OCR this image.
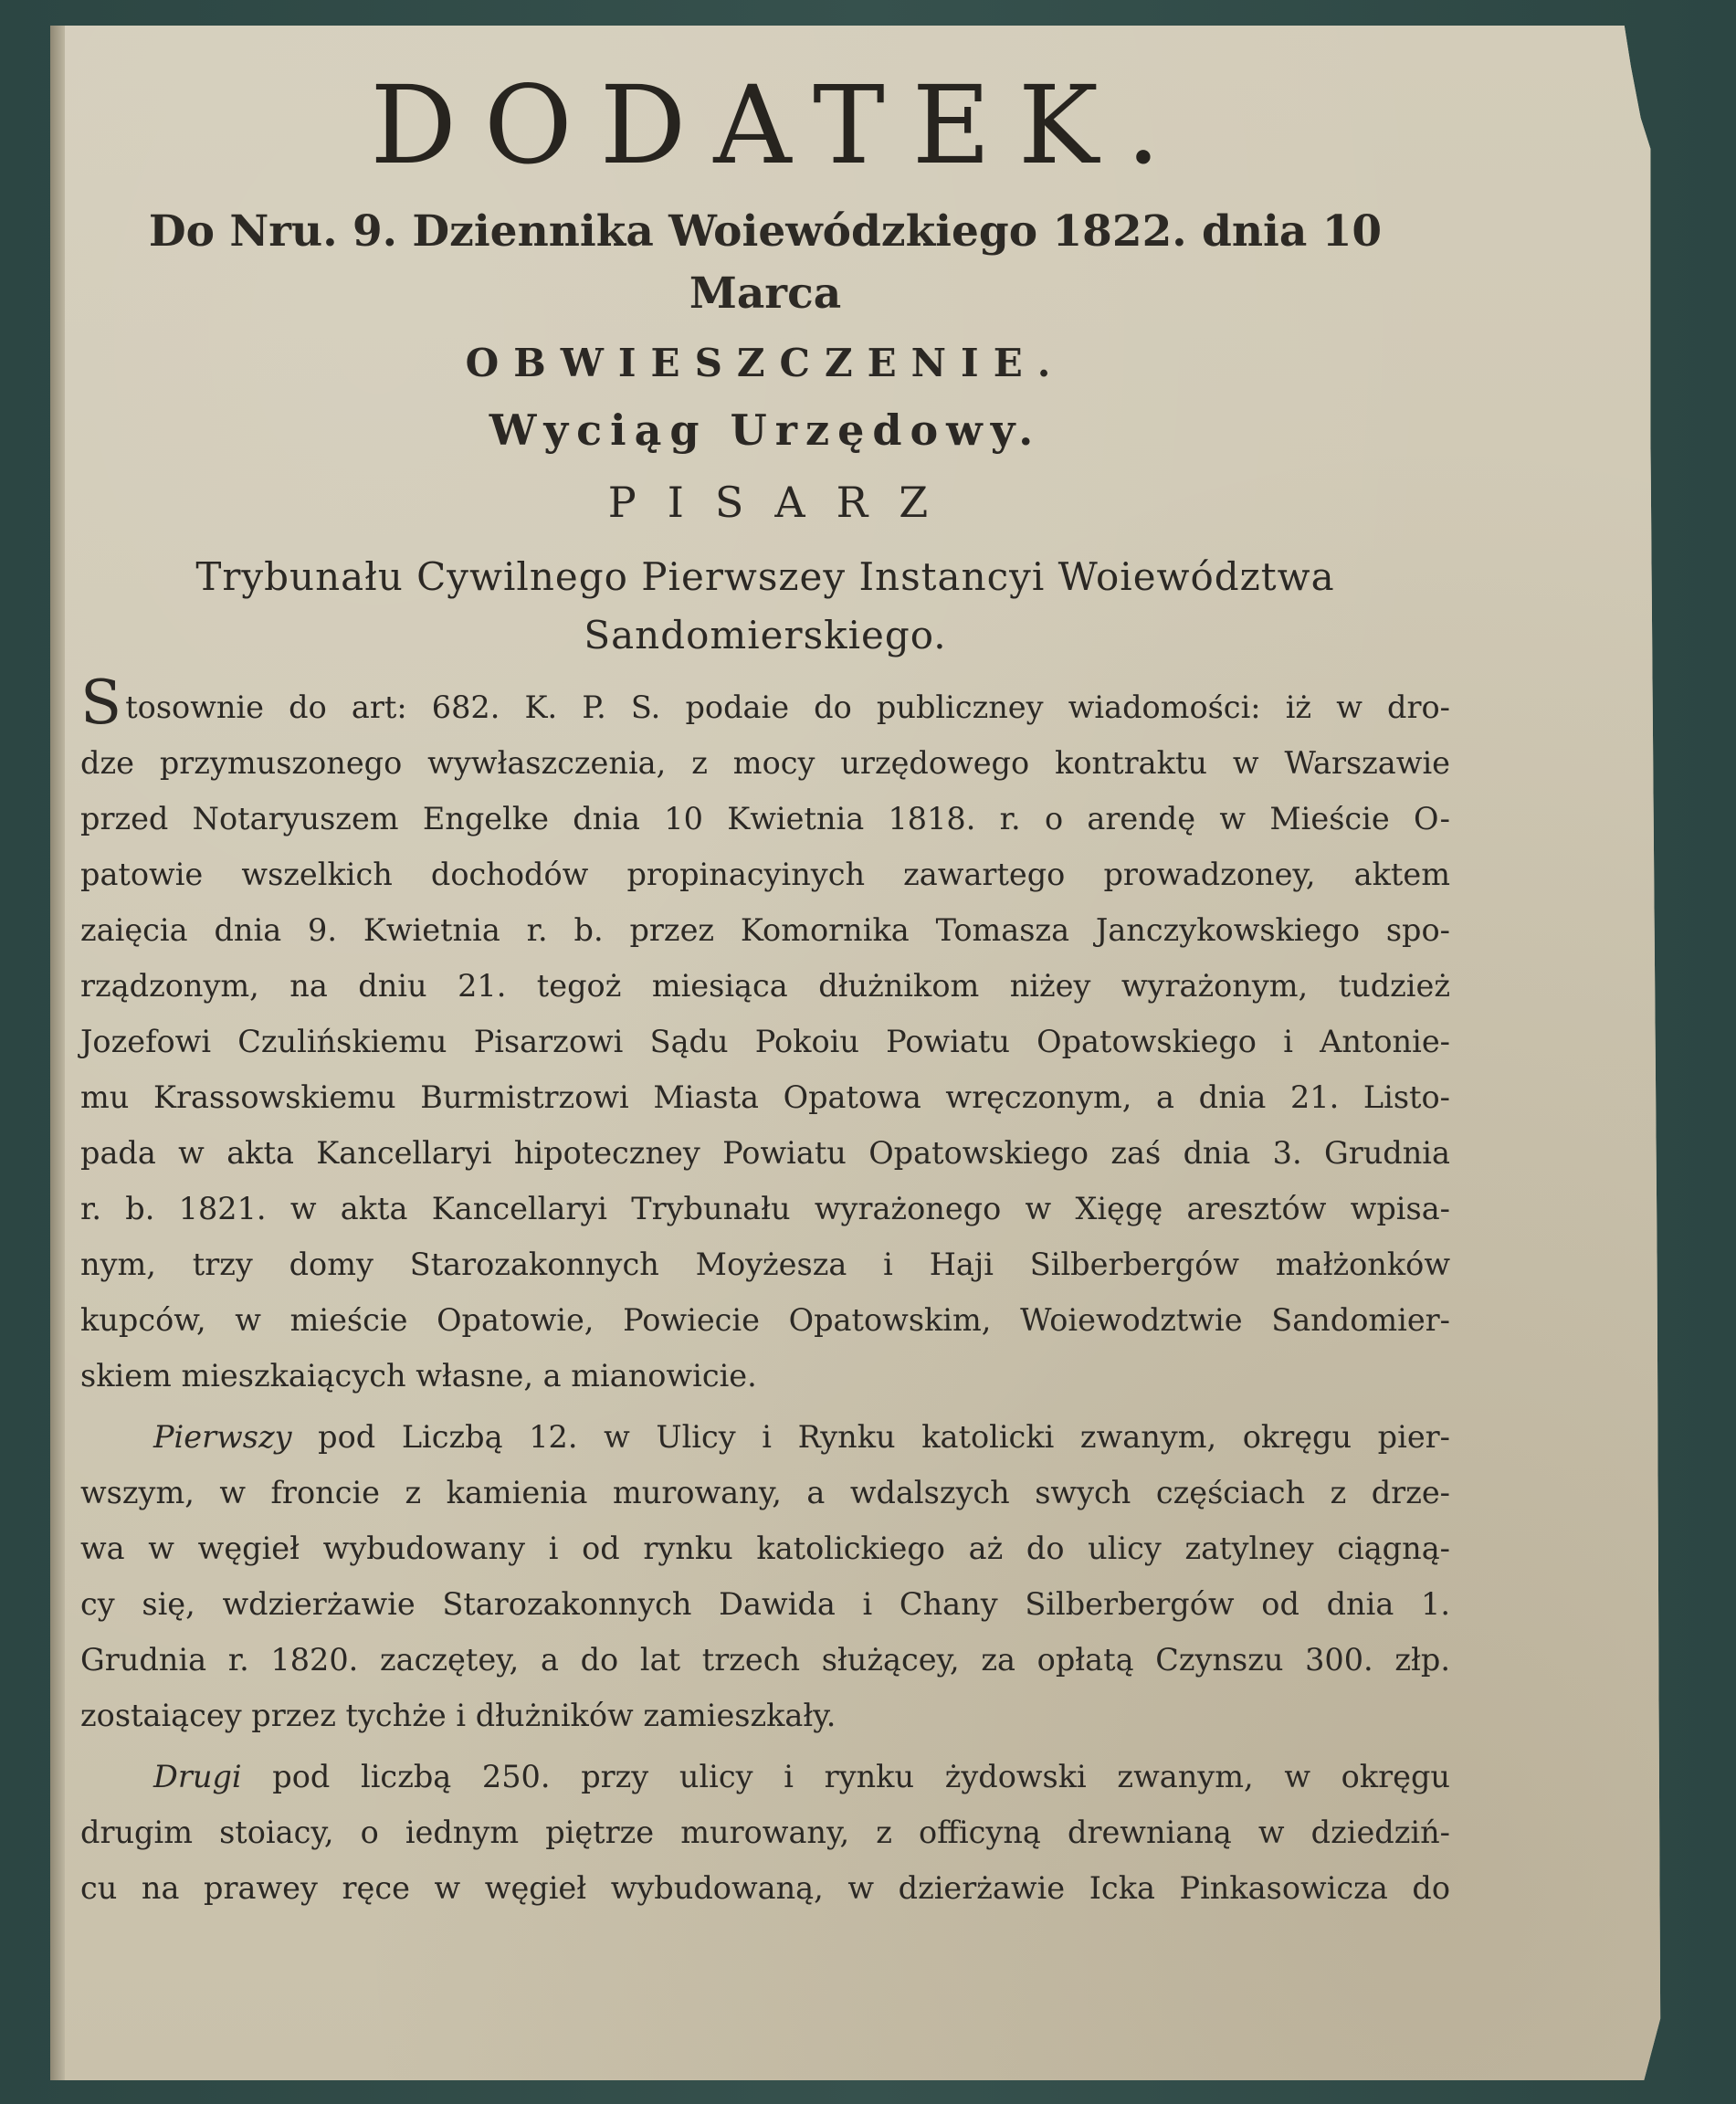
DODATEK.
Do Nru. 9. Dziennika Woiewódzkiego 1822. dnia 10 Marca
OBWIESZCZENIE.
Wyciąg Urzędowy.
PISARZ
Trybunału Cywilnego Pierwszey Instancyi Woiewództwa
Sandomierskiego.
S tosownie do art: 682. K. P. S. podaie do publiczney wiadomości: iż w dro-
dze przymuszonego wywłaszczenia, z mocy urzędowego kontraktu w Warszawie
przed Notaryuszem Engelke dnia 10 Kwietnia 1818. r. o arendę w Mieście O-
patowie wszelkich dochodów propinacyinych zawartego prowadzoney, aktem
zaięcia dnia 9. Kwietnia r. b. przez Komornika Tomasza Janczykowskiego spo-
rządzonym, na dniu 21. tegoż miesiąca dłużnikom niżey wyrażonym, tudzież
Jozefowi Czulińskiemu Pisarzowi Sądu Pokoiu Powiatu Opatowskiego i Antonie-
mu Krassowskiemu Burmistrzowi Miasta Opatowa wręczonym, a dnia 21. Listo-
pada w akta Kancellaryi hipoteczney Powiatu Opatowskiego zaś dnia 3. Grudnia
r. b. 1821. w akta Kancellaryi Trybunału wyrażonego w Xięgę aresztów wpisa-
nym, trzy domy Starozakonnych Moyżesza i Haji Silberbergów małżonków
kupców, w mieście Opatowie, Powiecie Opatowskim, Woiewodztwie Sandomier-
skiem mieszkaiących własne, a mianowicie.
Pierwszy pod Liczbą 12. w Ulicy i Rynku katolicki zwanym, okręgu pier-
wszym, w froncie z kamienia murowany, a wdalszych swych częściach z drze-
wa w węgieł wybudowany i od rynku katolickiego aż do ulicy zatylney ciągną-
cy się, wdzierżawie Starozakonnych Dawida i Chany Silberbergów od dnia 1.
Grudnia r. 1820. zaczętey, a do lat trzech służącey, za opłatą Czynszu 300. złp.
zostaiącey przez tychże i dłużników zamieszkały.
Drugi pod liczbą 250. przy ulicy i rynku żydowski zwanym, w okręgu
drugim stoiacy, o iednym piętrze murowany, z officyną drewnianą w dziedziń-
cu na prawey ręce w węgieł wybudowaną, w dzierżawie Icka Pinkasowicza do
